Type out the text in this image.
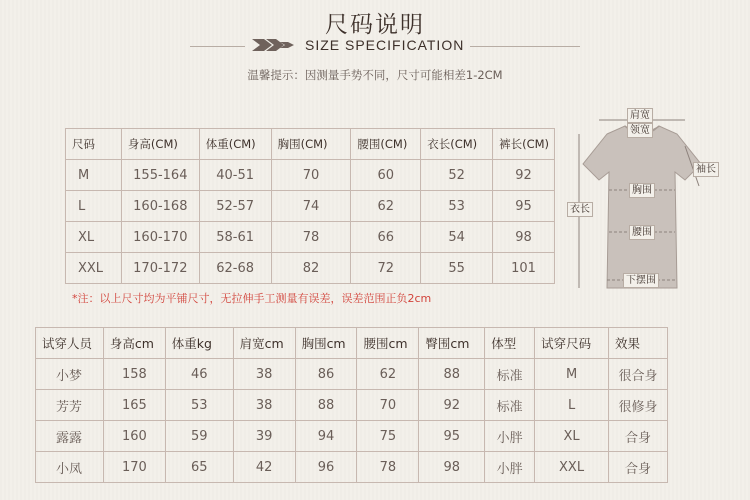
尺码说明
SIZE SPECIFICATION
温馨提示：因测量手势不同，尺寸可能相差1-2CM
尺码	身高(CM)	体重(CM)	胸围(CM)	腰围(CM)	衣长(CM)	裤长(CM)
M	155-164	40-51	70	60	52	92
L	160-168	52-57	74	62	53	95
XL	160-170	58-61	78	66	54	98
XXL	170-172	62-68	82	72	55	101
肩宽
领宽
袖长
衣长
胸围
腰围
下摆围
*注：以上尺寸均为平铺尺寸，无拉伸手工测量有误差，误差范围正负2cm
试穿人员	身高cm	体重kg	肩宽cm	胸围cm	腰围cm	臀围cm	体型	试穿尺码	效果
小梦	158	46	38	86	62	88	标准	M	很合身
芳芳	165	53	38	88	70	92	标准	L	很修身
露露	160	59	39	94	75	95	小胖	XL	合身
小凤	170	65	42	96	78	98	小胖	XXL	合身
